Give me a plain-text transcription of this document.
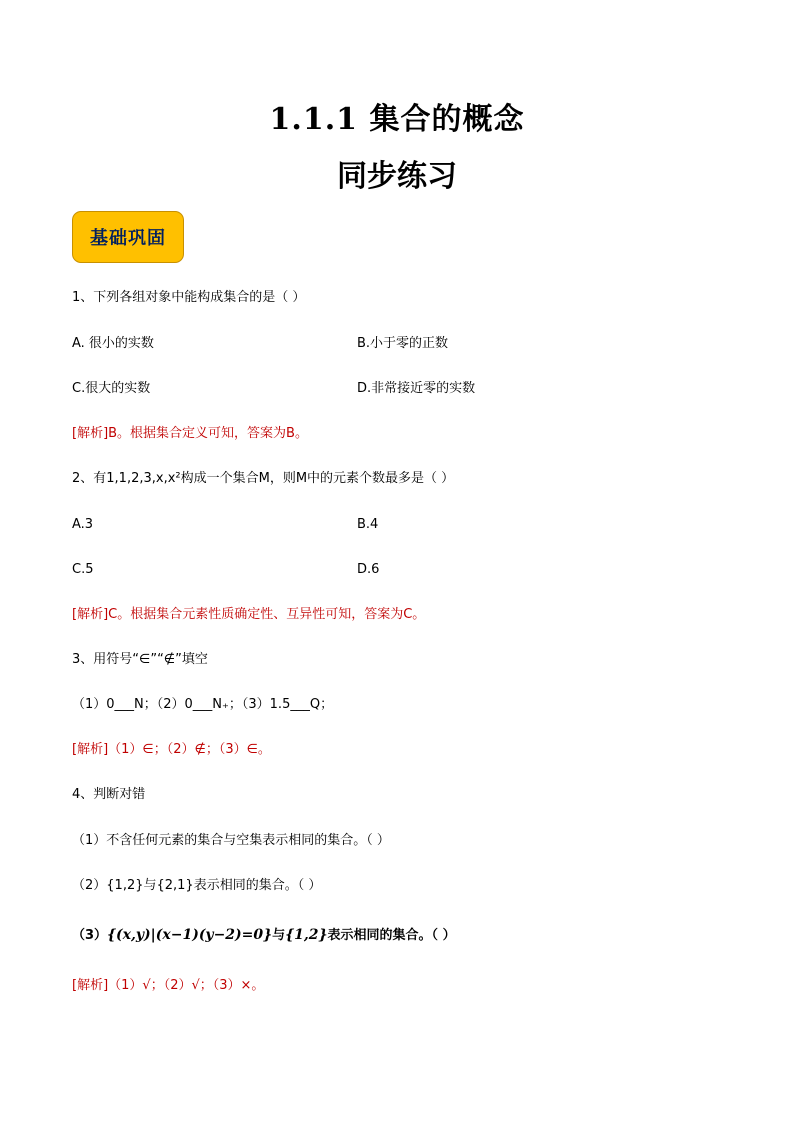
1.1.1 集合的概念
同步练习
基础巩固
1、下列各组对象中能构成集合的是（ ）
A. 很小的实数	B.小于零的正数
C.很大的实数	D.非常接近零的实数
[解析]B。根据集合定义可知，答案为B。
2、有1,1,2,3,x,x²构成一个集合M，则M中的元素个数最多是（ ）
A.3	B.4
C.5	D.6
[解析]C。根据集合元素性质确定性、互异性可知，答案为C。
3、用符号“∈”“∉”填空
（1）0___N；（2）0___N₊；（3）1.5___Q；
[解析]（1）∈；（2）∉；（3）∈。
4、判断对错
（1）不含任何元素的集合与空集表示相同的集合。（ ）
（2）{1,2}与{2,1}表示相同的集合。（ ）
（3）{(x,y)|(x−1)(y−2)=0}与{1,2}表示相同的集合。（ ）
[解析]（1）√；（2）√；（3）×。
